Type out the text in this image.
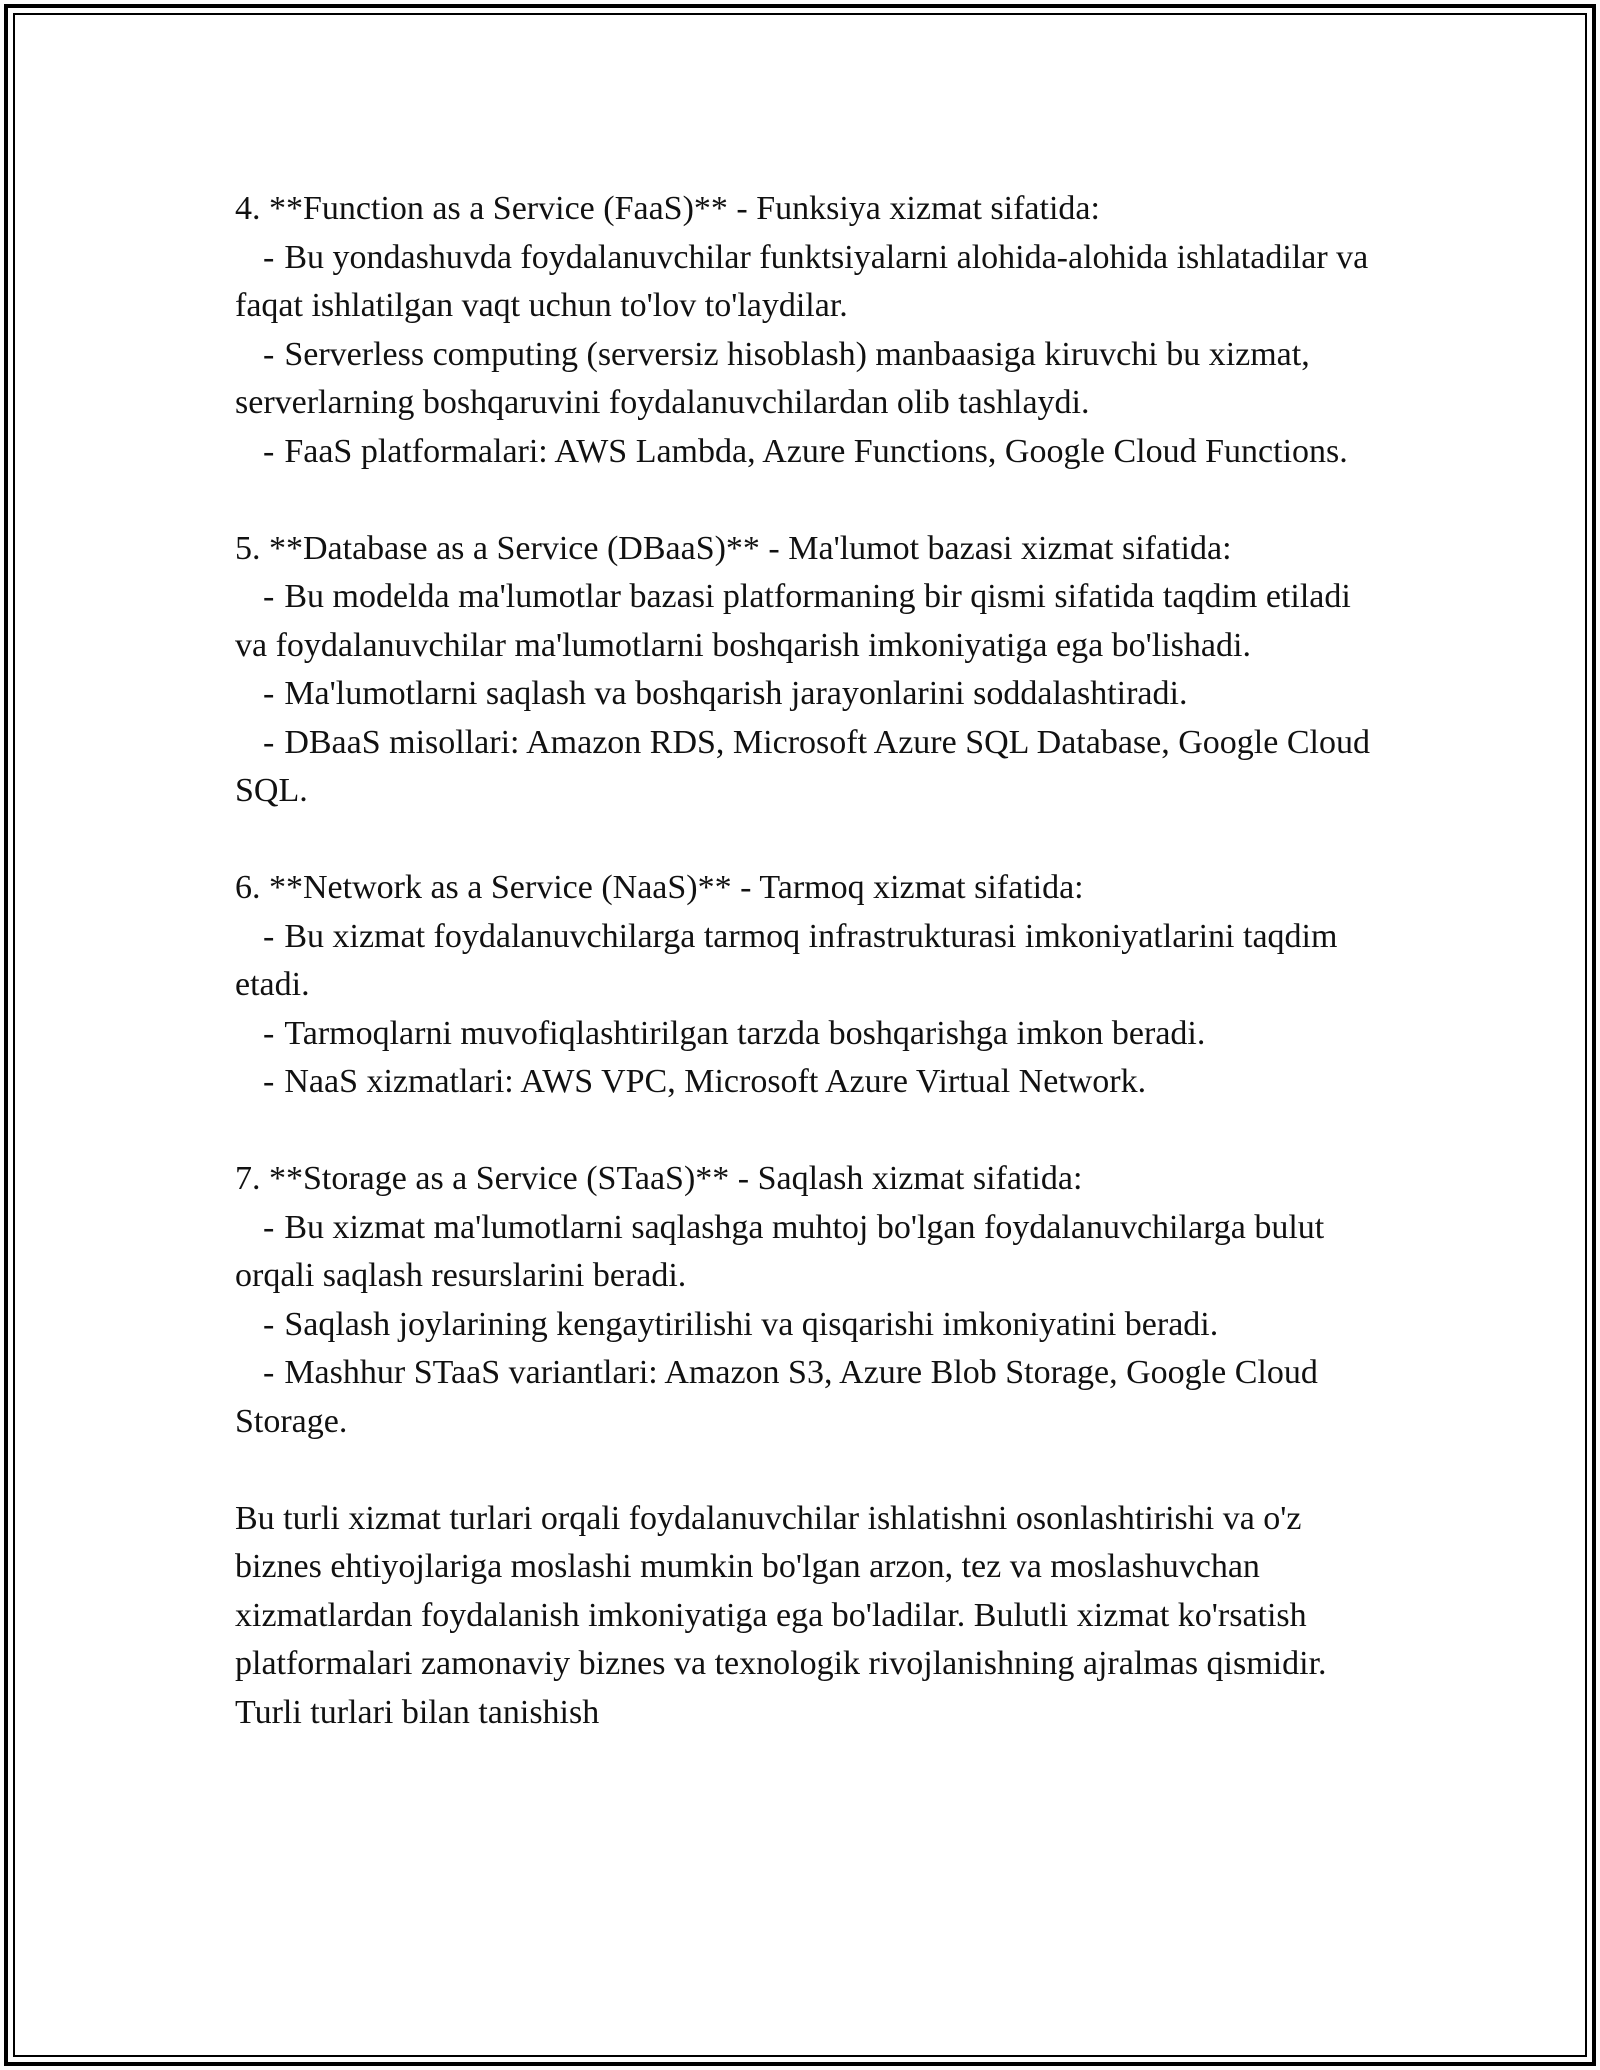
4. **Function as a Service (FaaS)** - Funksiya xizmat sifatida:

- Bu yondashuvda foydalanuvchilar funktsiyalarni alohida-alohida ishlatadilar va faqat ishlatilgan vaqt uchun to'lov to'laydilar.

- Serverless computing (serversiz hisoblash) manbaasiga kiruvchi bu xizmat, serverlarning boshqaruvini foydalanuvchilardan olib tashlaydi.

- FaaS platformalari: AWS Lambda, Azure Functions, Google Cloud Functions.

5. **Database as a Service (DBaaS)** - Ma'lumot bazasi xizmat sifatida:

- Bu modelda ma'lumotlar bazasi platformaning bir qismi sifatida taqdim etiladi va foydalanuvchilar ma'lumotlarni boshqarish imkoniyatiga ega bo'lishadi.

- Ma'lumotlarni saqlash va boshqarish jarayonlarini soddalashtiradi.

- DBaaS misollari: Amazon RDS, Microsoft Azure SQL Database, Google Cloud SQL.

6. **Network as a Service (NaaS)** - Tarmoq xizmat sifatida:

- Bu xizmat foydalanuvchilarga tarmoq infrastrukturasi imkoniyatlarini taqdim etadi.

- Tarmoqlarni muvofiqlashtirilgan tarzda boshqarishga imkon beradi.

- NaaS xizmatlari: AWS VPC, Microsoft Azure Virtual Network.

7. **Storage as a Service (STaaS)** - Saqlash xizmat sifatida:

- Bu xizmat ma'lumotlarni saqlashga muhtoj bo'lgan foydalanuvchilarga bulut orqali saqlash resurslarini beradi.

- Saqlash joylarining kengaytirilishi va qisqarishi imkoniyatini beradi.

- Mashhur STaaS variantlari: Amazon S3, Azure Blob Storage, Google Cloud Storage.

Bu turli xizmat turlari orqali foydalanuvchilar ishlatishni osonlashtirishi va o'z biznes ehtiyojlariga moslashi mumkin bo'lgan arzon, tez va moslashuvchan xizmatlardan foydalanish imkoniyatiga ega bo'ladilar. Bulutli xizmat ko'rsatish platformalari zamonaviy biznes va texnologik rivojlanishning ajralmas qismidir. Turli turlari bilan tanishish
